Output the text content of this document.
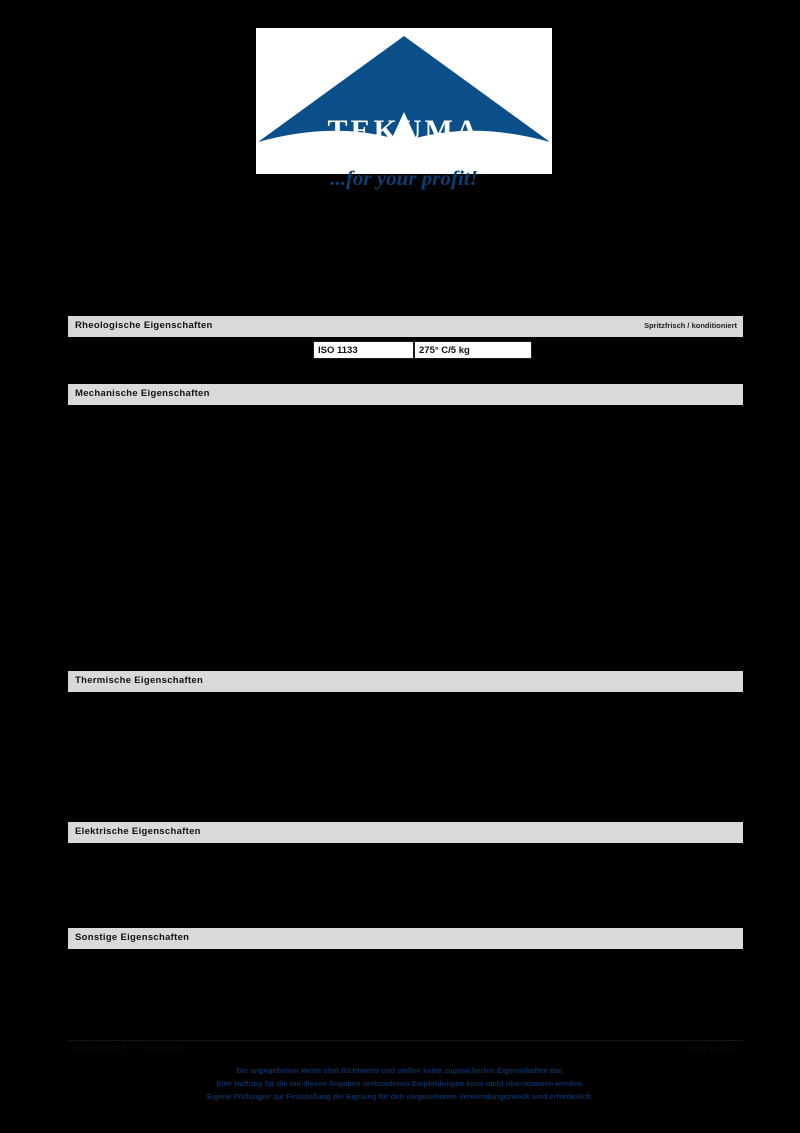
TEKUMA
...for your profit!
Rheologische Eigenschaften	Spritzfrisch / konditioniert
ISO 1133	275° C/5 kg
Mechanische Eigenschaften
Thermische Eigenschaften
Elektrische Eigenschaften
Sonstige Eigenschaften
Stand: 03/2015 | Version 1.0	Seite 1 von 1
Die angegebenen Werte sind Richtwerte und stellen keine zugesicherten Eigenschaften dar.
Eine Haftung für die mit diesen Angaben verbundenen Empfehlungen kann nicht übernommen werden.
Eigene Prüfungen zur Feststellung der Eignung für den vorgesehenen Verwendungszweck sind erforderlich.
